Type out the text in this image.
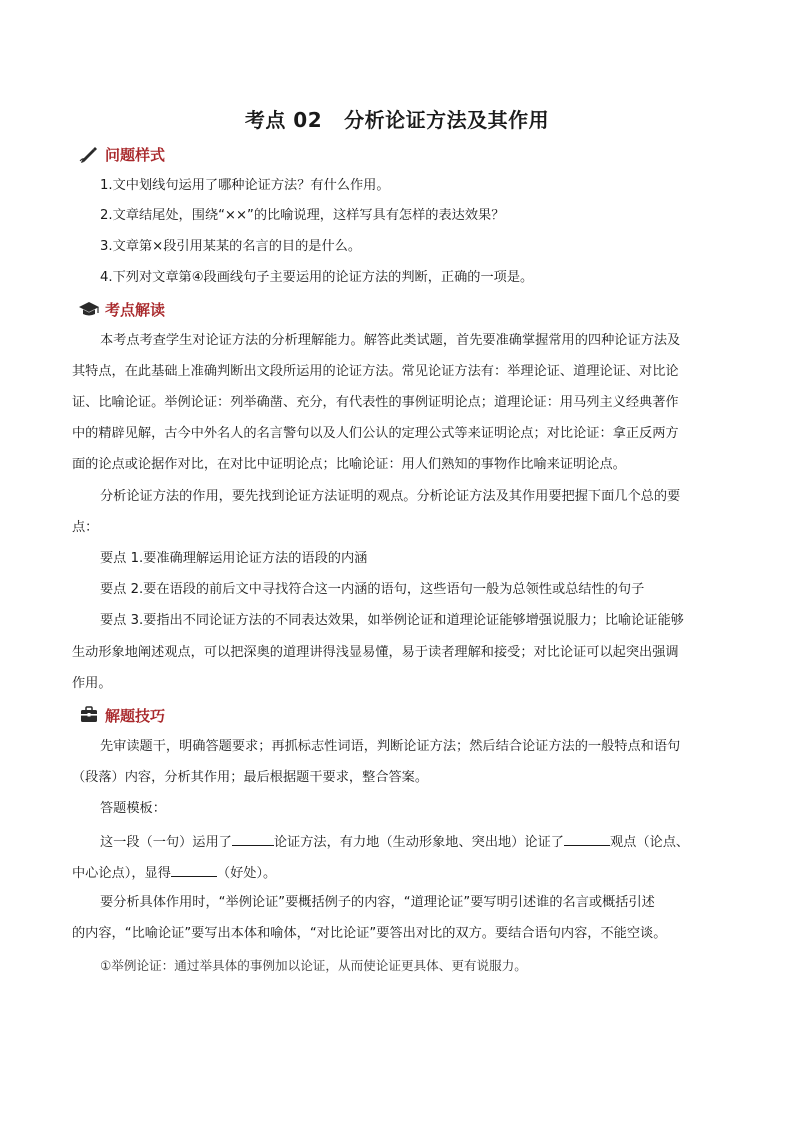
考点 02 分析论证方法及其作用
问题样式
1.文中划线句运用了哪种论证方法？有什么作用。
2.文章结尾处，围绕“××”的比喻说理，这样写具有怎样的表达效果？
3.文章第×段引用某某的名言的目的是什么。
4.下列对文章第④段画线句子主要运用的论证方法的判断，正确的一项是。
考点解读
本考点考查学生对论证方法的分析理解能力。解答此类试题，首先要准确掌握常用的四种论证方法及
其特点，在此基础上准确判断出文段所运用的论证方法。常见论证方法有：举理论证、道理论证、对比论
证、比喻论证。举例论证：列举确凿、充分，有代表性的事例证明论点；道理论证：用马列主义经典著作
中的精辟见解，古今中外名人的名言警句以及人们公认的定理公式等来证明论点；对比论证：拿正反两方
面的论点或论据作对比，在对比中证明论点；比喻论证：用人们熟知的事物作比喻来证明论点。
分析论证方法的作用，要先找到论证方法证明的观点。分析论证方法及其作用要把握下面几个总的要
点：
要点 1.要准确理解运用论证方法的语段的内涵
要点 2.要在语段的前后文中寻找符合这一内涵的语句，这些语句一般为总领性或总结性的句子
要点 3.要指出不同论证方法的不同表达效果，如举例论证和道理论证能够增强说服力；比喻论证能够
生动形象地阐述观点，可以把深奥的道理讲得浅显易懂，易于读者理解和接受；对比论证可以起突出强调
作用。
解题技巧
先审读题干，明确答题要求；再抓标志性词语，判断论证方法；然后结合论证方法的一般特点和语句
（段落）内容，分析其作用；最后根据题干要求，整合答案。
答题模板：
这一段（一句）运用了	论证方法，有力地（生动形象地、突出地）论证了	观点（论点、
中心论点），显得	（好处）。
要分析具体作用时，“举例论证”要概括例子的内容，“道理论证”要写明引述谁的名言或概括引述
的内容，“比喻论证”要写出本体和喻体，“对比论证”要答出对比的双方。要结合语句内容，不能空谈。
①举例论证：通过举具体的事例加以论证，从而使论证更具体、更有说服力。
